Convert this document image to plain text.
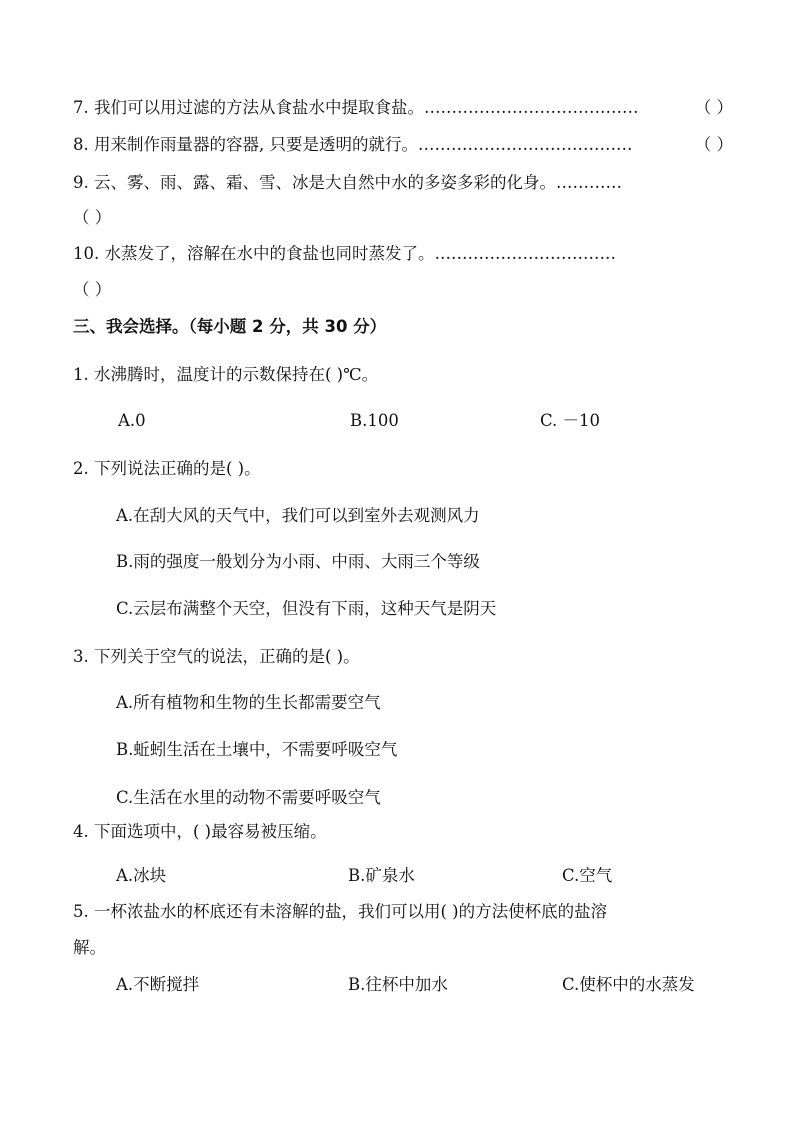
7. 我们可以用过滤的方法从食盐水中提取食盐。…………………………………	（ ）
8. 用来制作雨量器的容器, 只要是透明的就行。…………………………………	（ ）
9. 云、雾、雨、露、霜、雪、冰是大自然中水的多姿多彩的化身。…………
（ ）
10. 水蒸发了，溶解在水中的食盐也同时蒸发了。……………………………
（ ）
三、我会选择。（每小题 2 分，共 30 分）
1. 水沸腾时，温度计的示数保持在( )℃。
A.0	B.100	C. －10
2. 下列说法正确的是( )。
A.在刮大风的天气中，我们可以到室外去观测风力
B.雨的强度一般划分为小雨、中雨、大雨三个等级
C.云层布满整个天空，但没有下雨，这种天气是阴天
3. 下列关于空气的说法，正确的是( )。
A.所有植物和生物的生长都需要空气
B.蚯蚓生活在土壤中，不需要呼吸空气
C.生活在水里的动物不需要呼吸空气
4. 下面选项中，( )最容易被压缩。
A.冰块	B.矿泉水	C.空气
5. 一杯浓盐水的杯底还有未溶解的盐，我们可以用( )的方法使杯底的盐溶
解。
A.不断搅拌	B.往杯中加水	C.使杯中的水蒸发
